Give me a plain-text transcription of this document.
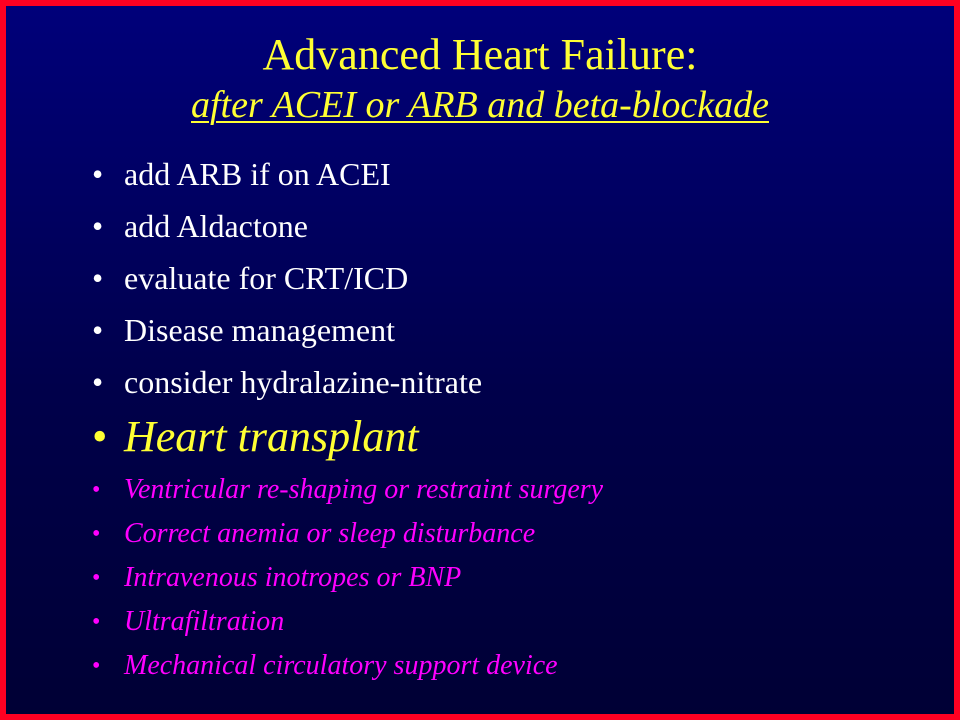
Advanced Heart Failure:
after ACEI or ARB and beta-blockade
• add ARB if on ACEI
• add Aldactone
• evaluate for CRT/ICD
• Disease management
• consider hydralazine-nitrate
• Heart transplant
• Ventricular re-shaping or restraint surgery
• Correct anemia or sleep disturbance
• Intravenous inotropes or BNP
• Ultrafiltration
• Mechanical circulatory support device
